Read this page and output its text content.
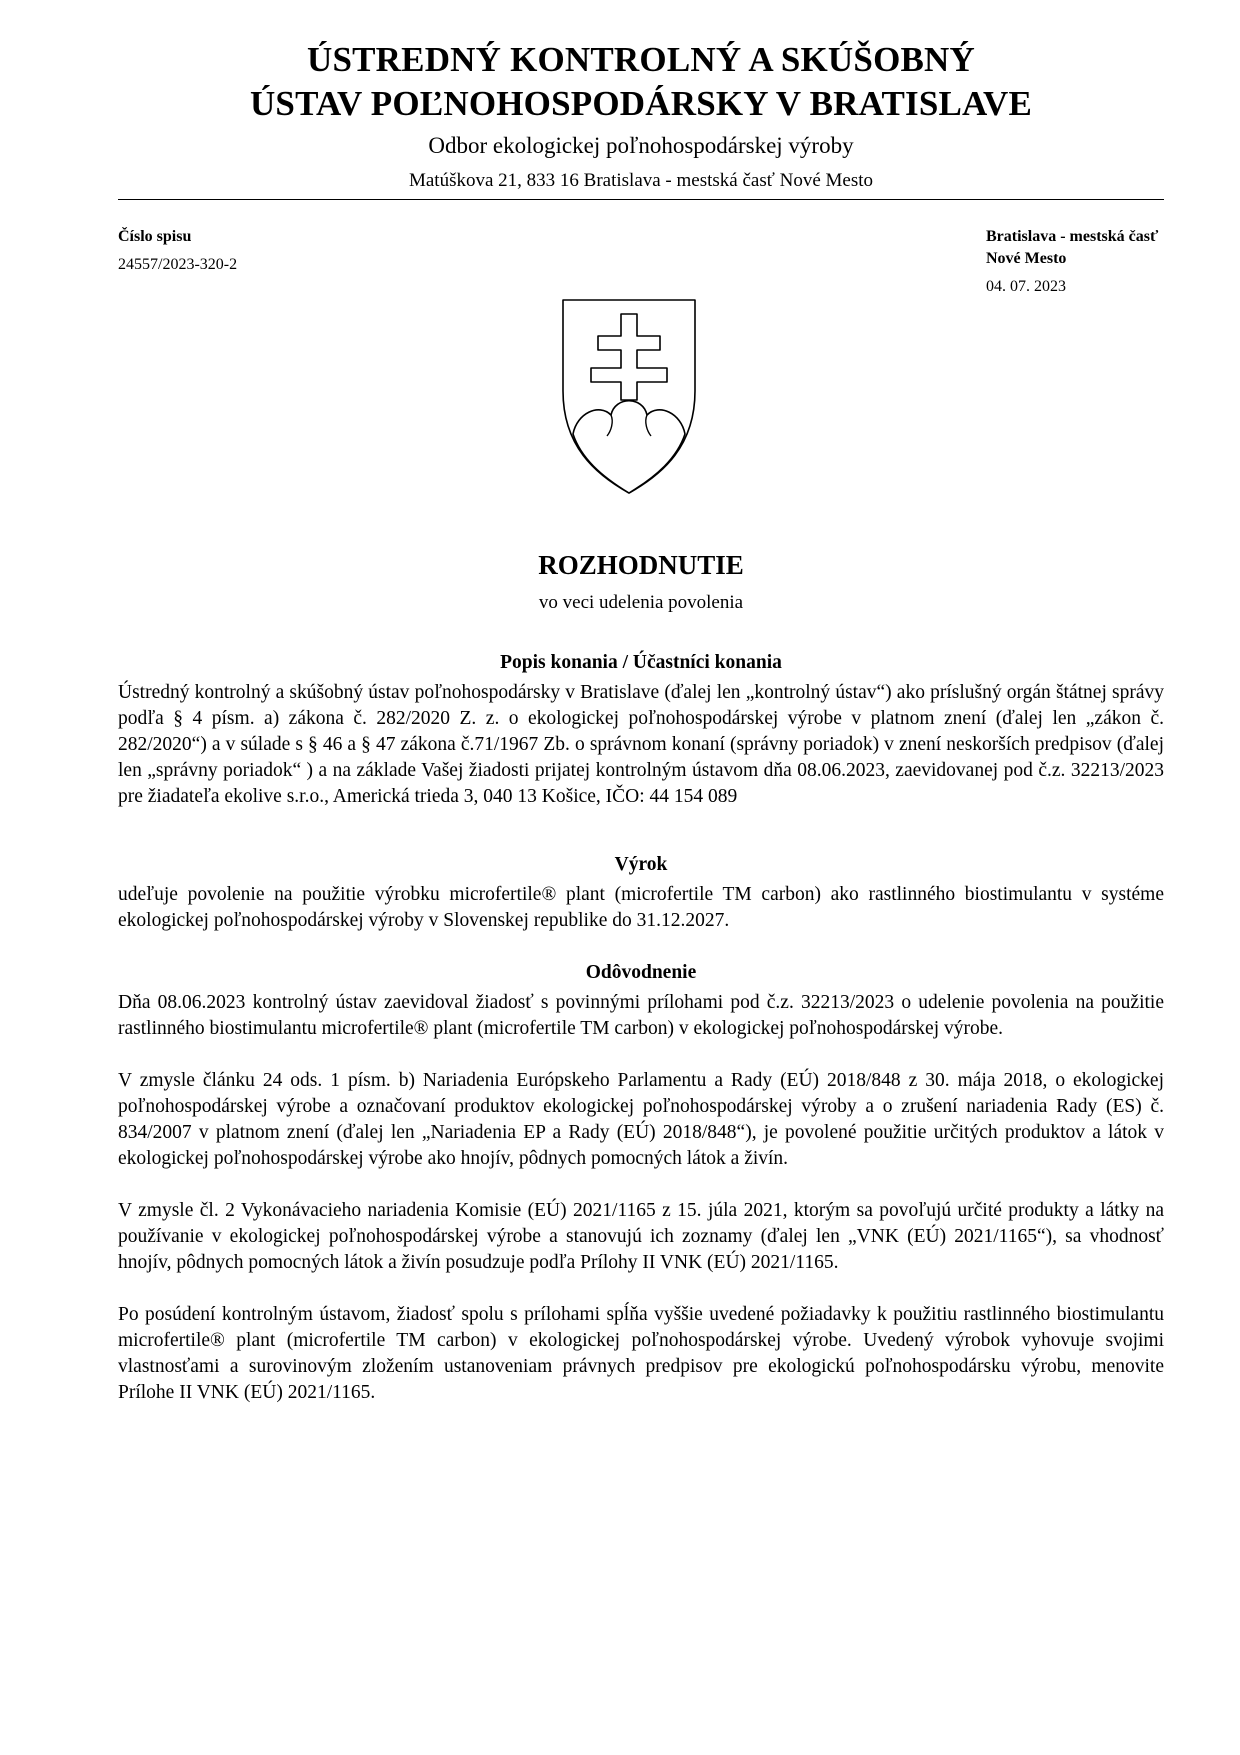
ÚSTREDNÝ KONTROLNÝ A SKÚŠOBNÝ
ÚSTAV POĽNOHOSPODÁRSKY V BRATISLAVE
Odbor ekologickej poľnohospodárskej výroby
Matúškova 21, 833 16 Bratislava - mestská časť Nové Mesto
Číslo spisu
24557/2023-320-2
Bratislava - mestská časť Nové Mesto
04. 07. 2023
ROZHODNUTIE
vo veci udelenia povolenia
Popis konania / Účastníci konania

Ústredný kontrolný a skúšobný ústav poľnohospodársky v Bratislave (ďalej len „kontrolný ústav“) ako príslušný orgán štátnej správy podľa § 4 písm. a) zákona č. 282/2020 Z. z. o ekologickej poľnohospodárskej výrobe v platnom znení (ďalej len „zákon č. 282/2020“) a v súlade s § 46 a § 47 zákona č.71/1967 Zb. o správnom konaní (správny poriadok) v znení neskorších predpisov (ďalej len „správny poriadok“ ) a na základe Vašej žiadosti prijatej kontrolným ústavom dňa 08.06.2023, zaevidovanej pod č.z. 32213/2023 pre žiadateľa ekolive s.r.o., Americká trieda 3, 040 13 Košice, IČO: 44 154 089

Výrok

udeľuje povolenie na použitie výrobku microfertile® plant (microfertile TM carbon) ako rastlinného biostimulantu v systéme ekologickej poľnohospodárskej výroby v Slovenskej republike do 31.12.2027.

Odôvodnenie

Dňa 08.06.2023 kontrolný ústav zaevidoval žiadosť s povinnými prílohami pod č.z. 32213/2023 o udelenie povolenia na použitie rastlinného biostimulantu microfertile® plant (microfertile TM carbon) v ekologickej poľnohospodárskej výrobe.

V zmysle článku 24 ods. 1 písm. b) Nariadenia Európskeho Parlamentu a Rady (EÚ) 2018/848 z 30. mája 2018, o ekologickej poľnohospodárskej výrobe a označovaní produktov ekologickej poľnohospodárskej výroby a o zrušení nariadenia Rady (ES) č. 834/2007 v platnom znení (ďalej len „Nariadenia EP a Rady (EÚ) 2018/848“), je povolené použitie určitých produktov a látok v ekologickej poľnohospodárskej výrobe ako hnojív, pôdnych pomocných látok a živín.

V zmysle čl. 2 Vykonávacieho nariadenia Komisie (EÚ) 2021/1165 z 15. júla 2021, ktorým sa povoľujú určité produkty a látky na používanie v ekologickej poľnohospodárskej výrobe a stanovujú ich zoznamy (ďalej len „VNK (EÚ) 2021/1165“), sa vhodnosť hnojív, pôdnych pomocných látok a živín posudzuje podľa Prílohy II VNK (EÚ) 2021/1165.

Po posúdení kontrolným ústavom, žiadosť spolu s prílohami spĺňa vyššie uvedené požiadavky k použitiu rastlinného biostimulantu microfertile® plant (microfertile TM carbon) v ekologickej poľnohospodárskej výrobe. Uvedený výrobok vyhovuje svojimi vlastnosťami a surovinovým zložením ustanoveniam právnych predpisov pre ekologickú poľnohospodársku výrobu, menovite Prílohe II VNK (EÚ) 2021/1165.
